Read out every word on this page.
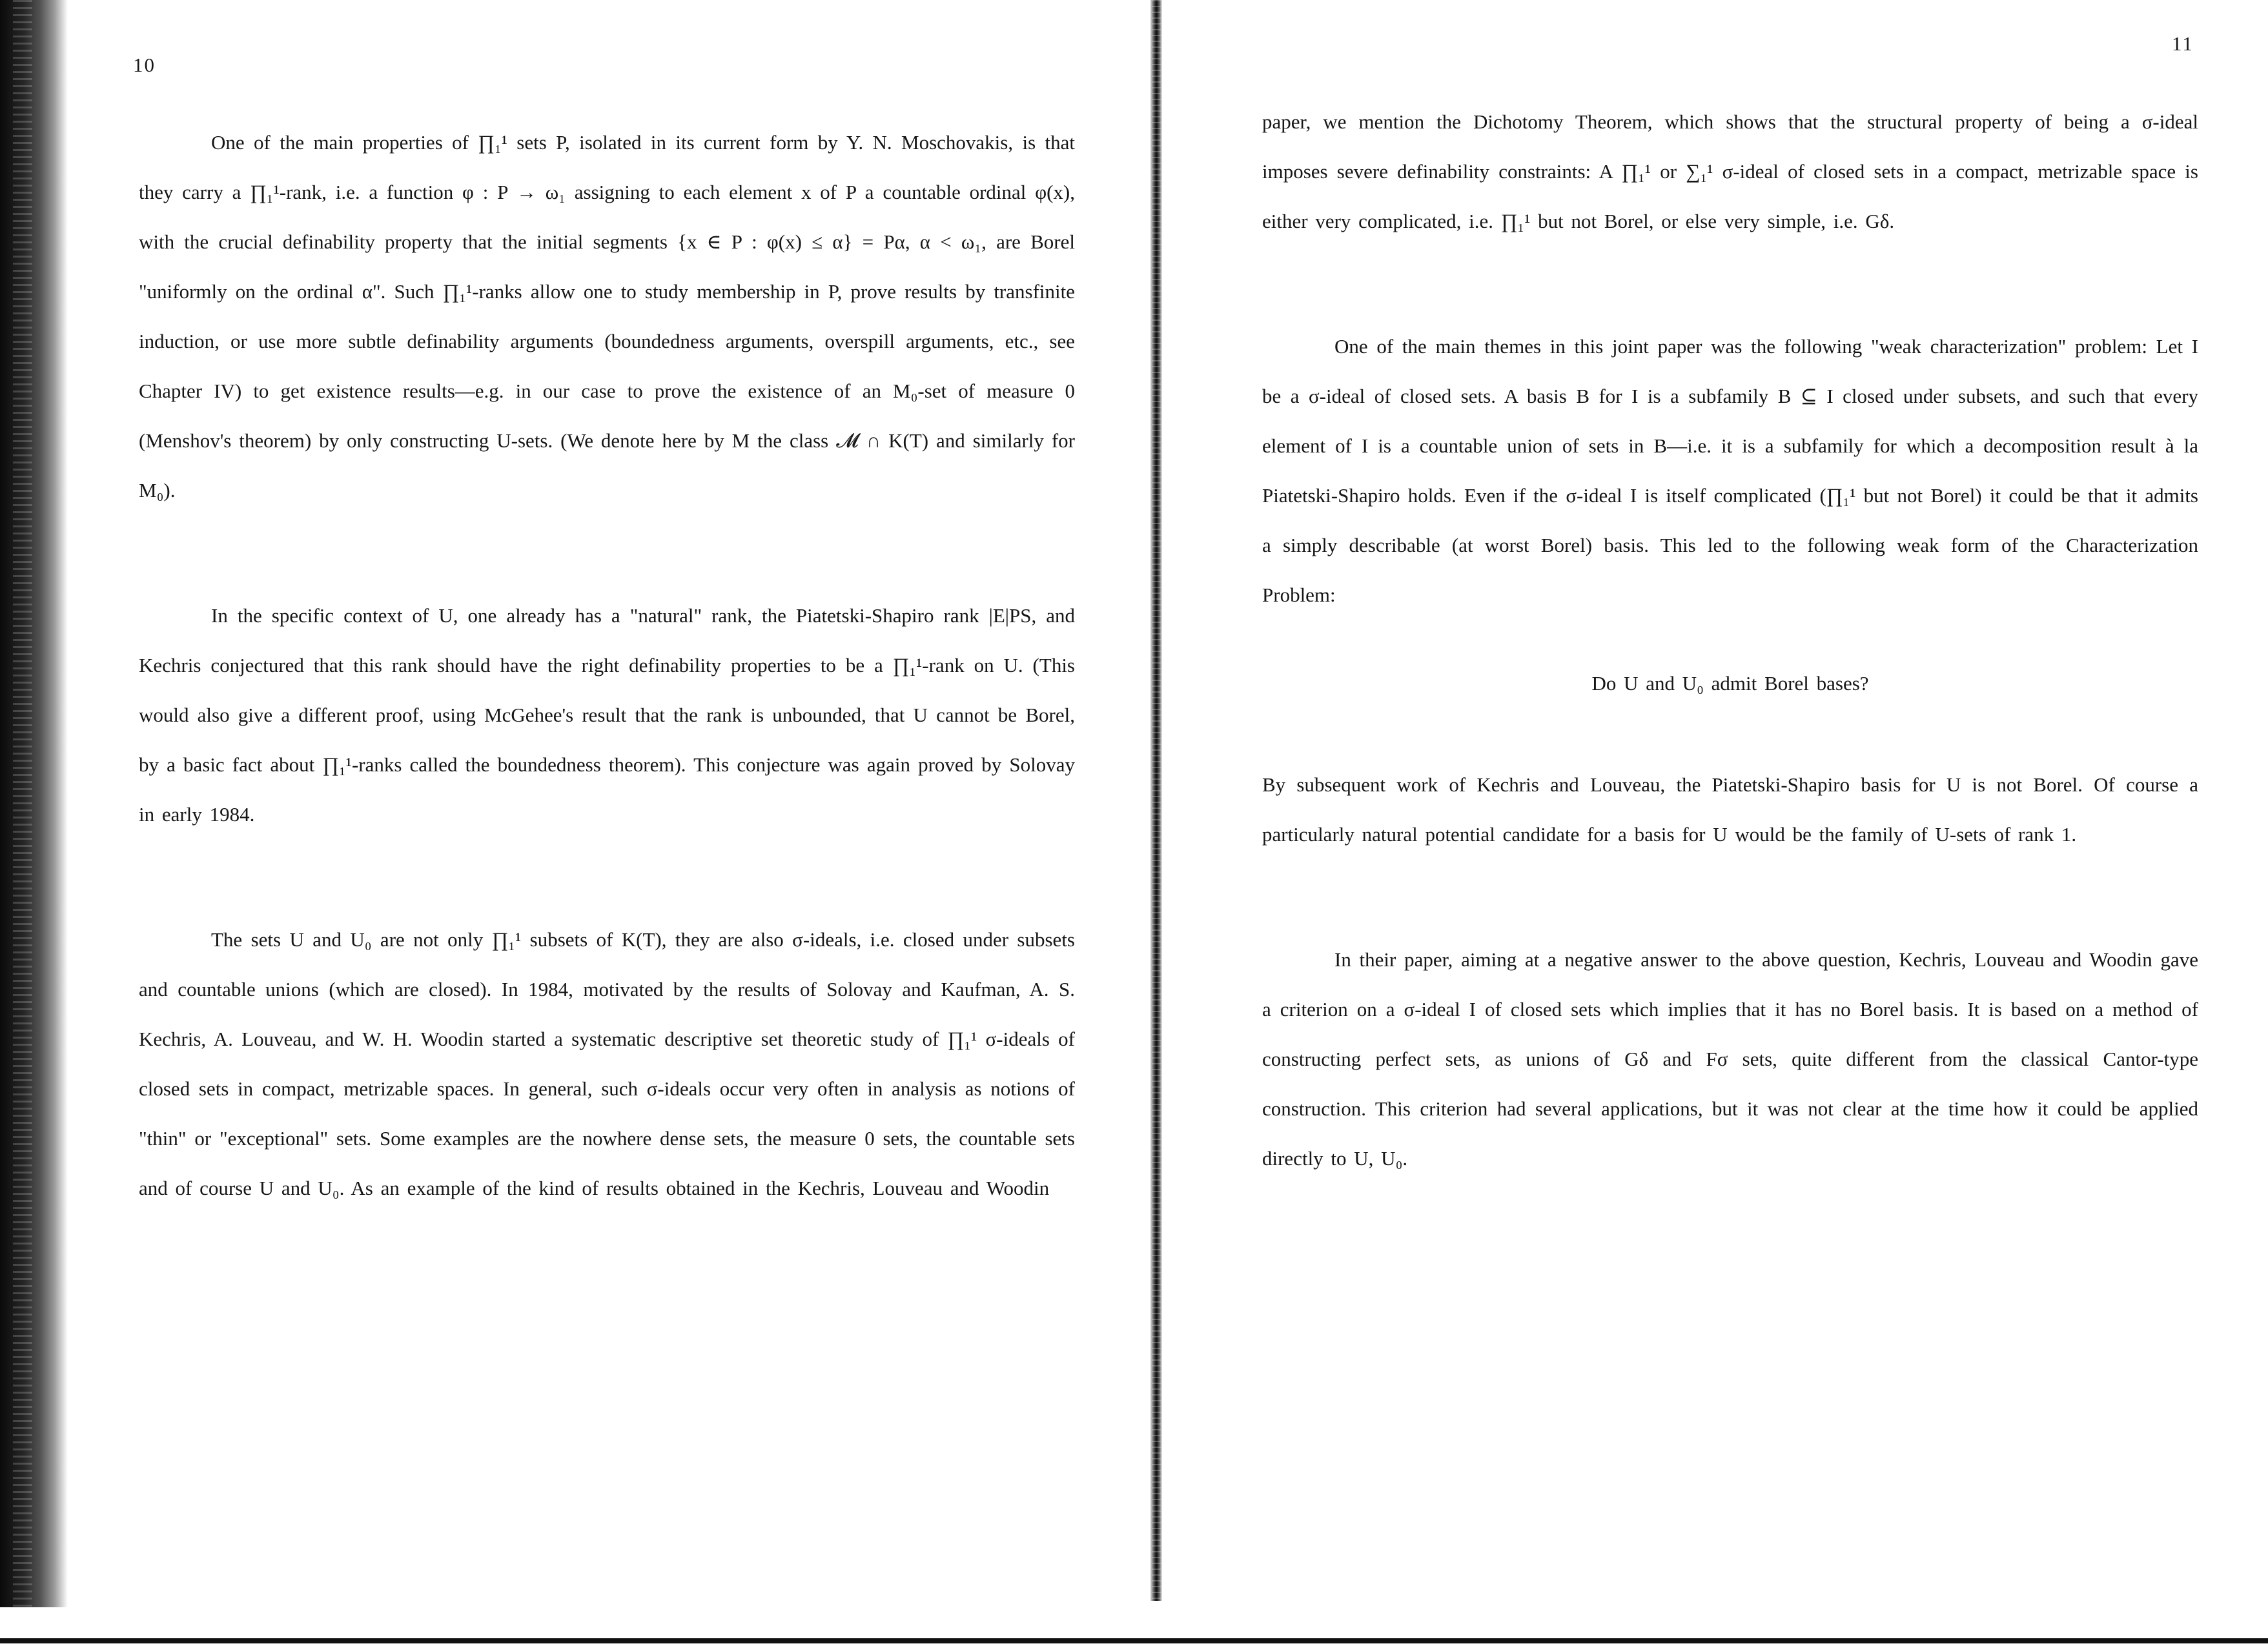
10
11

One of the main properties of ∏₁¹ sets P, isolated in its current form by Y. N. Moschovakis, is that they carry a ∏₁¹-rank, i.e. a function φ : P → ω₁ assigning to each element x of P a countable ordinal φ(x), with the crucial definability property that the initial segments {x ∈ P : φ(x) ≤ α} = Pα, α < ω₁, are Borel "uniformly on the ordinal α". Such ∏₁¹-ranks allow one to study membership in P, prove results by transfinite induction, or use more subtle definability arguments (boundedness arguments, overspill arguments, etc., see Chapter IV) to get existence results—e.g. in our case to prove the existence of an M₀-set of measure 0 (Menshov's theorem) by only constructing U-sets. (We denote here by M the class 𝓜 ∩ K(T) and similarly for M₀).

In the specific context of U, one already has a "natural" rank, the Piatetski-Shapiro rank |E|PS, and Kechris conjectured that this rank should have the right definability properties to be a ∏₁¹-rank on U. (This would also give a different proof, using McGehee's result that the rank is unbounded, that U cannot be Borel, by a basic fact about ∏₁¹-ranks called the boundedness theorem). This conjecture was again proved by Solovay in early 1984.

The sets U and U₀ are not only ∏₁¹ subsets of K(T), they are also σ-ideals, i.e. closed under subsets and countable unions (which are closed). In 1984, motivated by the results of Solovay and Kaufman, A. S. Kechris, A. Louveau, and W. H. Woodin started a systematic descriptive set theoretic study of ∏₁¹ σ-ideals of closed sets in compact, metrizable spaces. In general, such σ-ideals occur very often in analysis as notions of "thin" or "exceptional" sets. Some examples are the nowhere dense sets, the measure 0 sets, the countable sets and of course U and U₀. As an example of the kind of results obtained in the Kechris, Louveau and Woodin

paper, we mention the Dichotomy Theorem, which shows that the structural property of being a σ-ideal imposes severe definability constraints: A ∏₁¹ or ∑₁¹ σ-ideal of closed sets in a compact, metrizable space is either very complicated, i.e. ∏₁¹ but not Borel, or else very simple, i.e. Gδ.

One of the main themes in this joint paper was the following "weak characterization" problem: Let I be a σ-ideal of closed sets. A basis B for I is a subfamily B ⊆ I closed under subsets, and such that every element of I is a countable union of sets in B—i.e. it is a subfamily for which a decomposition result à la Piatetski-Shapiro holds. Even if the σ-ideal I is itself complicated (∏₁¹ but not Borel) it could be that it admits a simply describable (at worst Borel) basis. This led to the following weak form of the Characterization Problem:

Do U and U₀ admit Borel bases?

By subsequent work of Kechris and Louveau, the Piatetski-Shapiro basis for U is not Borel. Of course a particularly natural potential candidate for a basis for U would be the family of U-sets of rank 1.

In their paper, aiming at a negative answer to the above question, Kechris, Louveau and Woodin gave a criterion on a σ-ideal I of closed sets which implies that it has no Borel basis. It is based on a method of constructing perfect sets, as unions of Gδ and Fσ sets, quite different from the classical Cantor-type construction. This criterion had several applications, but it was not clear at the time how it could be applied directly to U, U₀.
